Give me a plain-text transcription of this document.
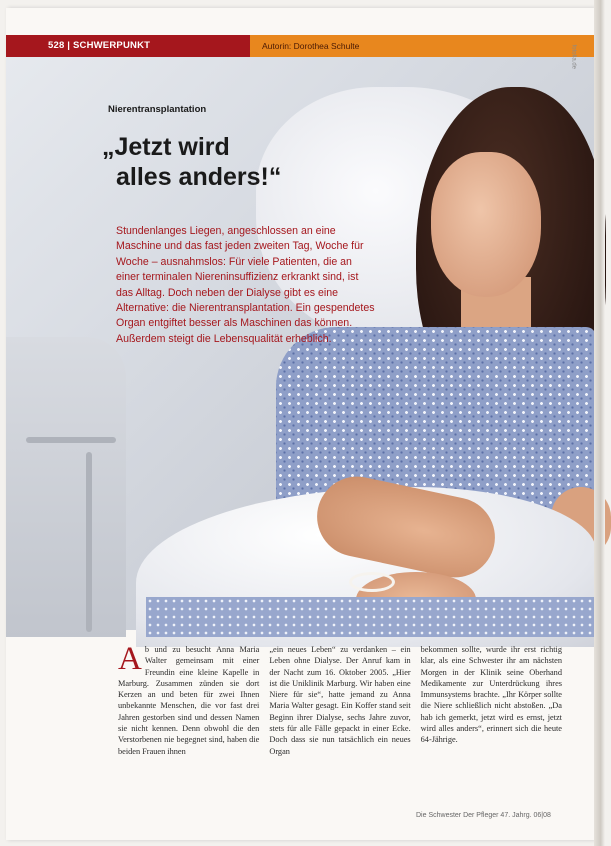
528 | SCHWERPUNKT	Autorin: Dorothea Schulte	fotolia.de
Nierentransplantation
„Jetzt wird
alles anders!“
Stundenlanges Liegen, angeschlossen an eine Maschine und das fast jeden zweiten Tag, Woche für Woche – ausnahmslos: Für viele Patienten, die an einer terminalen Niereninsuffizienz erkrankt sind, ist das Alltag. Doch neben der Dialyse gibt es eine Alternative: die Nierentransplantation. Ein gespendetes Organ entgiftet besser als Maschinen das können. Außerdem steigt die Lebensqualität erheblich.
Ab und zu besucht Anna Maria Walter gemeinsam mit einer Freundin eine kleine Kapelle in Marburg. Zusammen zünden sie dort Kerzen an und beten für zwei Ihnen unbekannte Menschen, die vor fast drei Jahren gestorben sind und dessen Namen sie nicht kennen. Denn obwohl die den Verstorbenen nie begegnet sind, haben die beiden Frauen ihnen
„ein neues Leben“ zu verdanken – ein Leben ohne Dialyse. Der Anruf kam in der Nacht zum 16. Oktober 2005. „Hier ist die Uniklinik Marburg. Wir haben eine Niere für sie“, hatte jemand zu Anna Maria Walter gesagt. Ein Koffer stand seit Beginn ihrer Dialyse, sechs Jahre zuvor, stets für alle Fälle gepackt in einer Ecke. Doch dass sie nun tatsächlich ein neues Organ
bekommen sollte, wurde ihr erst richtig klar, als eine Schwester ihr am nächsten Morgen in der Klinik seine Oberhand Medikamente zur Unterdrückung ihres Immunsystems brachte. „Ihr Körper sollte die Niere schließlich nicht abstoßen. „Da hab ich gemerkt, jetzt wird es ernst, jetzt wird alles anders“, erinnert sich die heute 64-Jährige.
Die Schwester Der Pfleger 47. Jahrg. 06|08
